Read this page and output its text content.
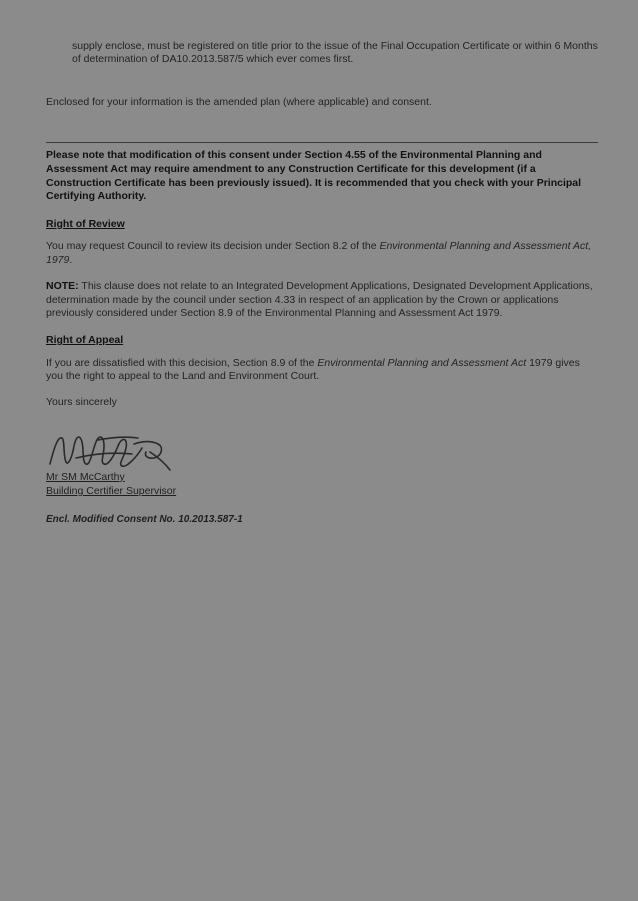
supply enclose, must be registered on title prior to the issue of the Final Occupation Certificate or within 6 Months of determination of DA10.2013.587/5 which ever comes first.

Enclosed for your information is the amended plan (where applicable) and consent.

Please note that modification of this consent under Section 4.55 of the Environmental Planning and Assessment Act may require amendment to any Construction Certificate for this development (if a Construction Certificate has been previously issued). It is recommended that you check with your Principal Certifying Authority.

Right of Review

You may request Council to review its decision under Section 8.2 of the Environmental Planning and Assessment Act, 1979.

NOTE: This clause does not relate to an Integrated Development Applications, Designated Development Applications, determination made by the council under section 4.33 in respect of an application by the Crown or applications previously considered under Section 8.9 of the Environmental Planning and Assessment Act 1979.

Right of Appeal

If you are dissatisfied with this decision, Section 8.9 of the Environmental Planning and Assessment Act 1979 gives you the right to appeal to the Land and Environment Court.

Yours sincerely

Mr SM McCarthy

Building Certifier Supervisor

Encl. Modified Consent No. 10.2013.587-1
